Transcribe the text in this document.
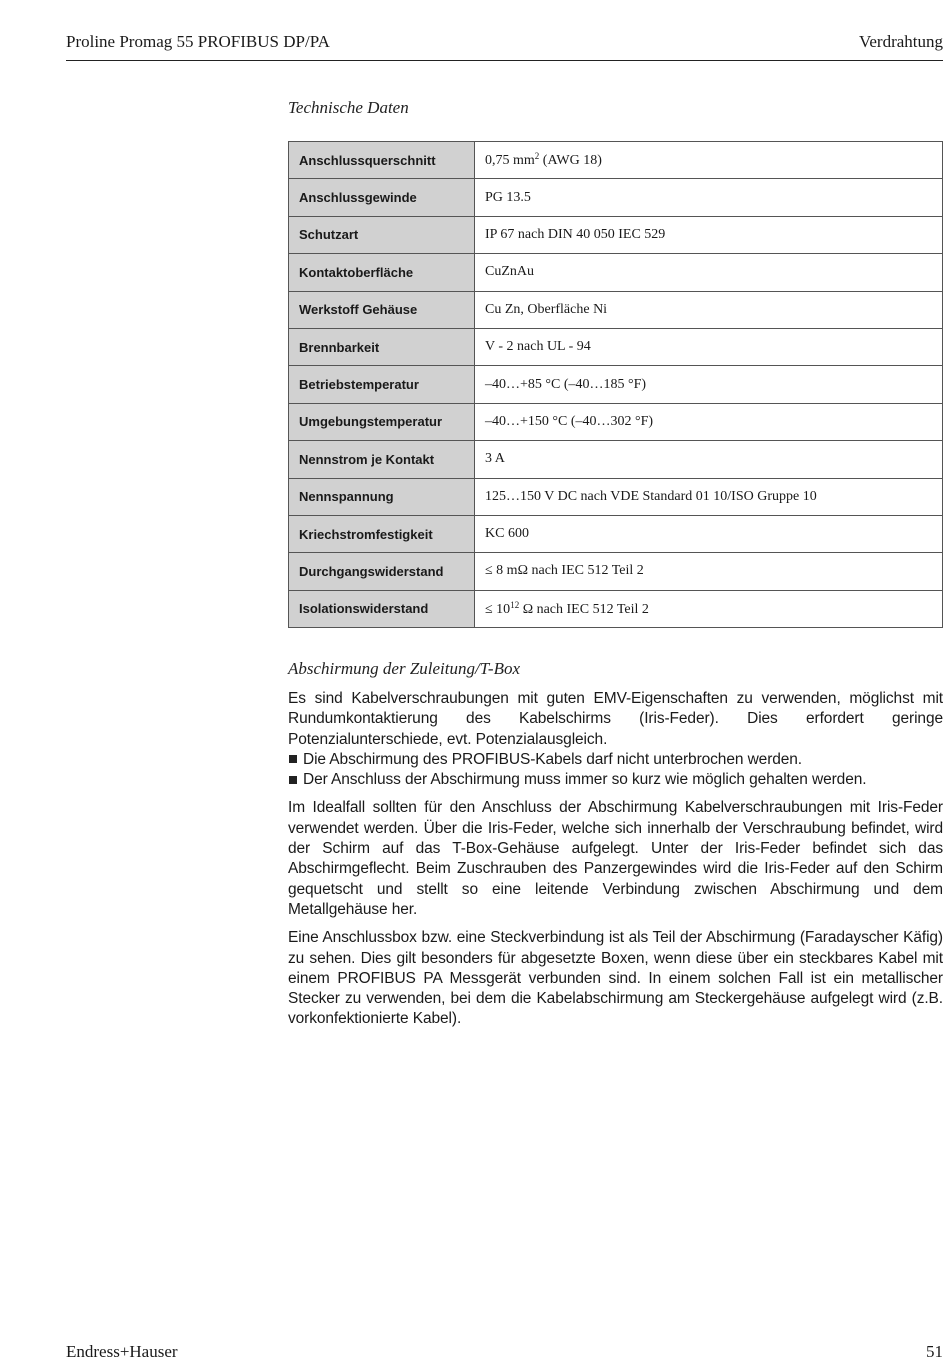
Proline Promag 55 PROFIBUS DP/PA	Verdrahtung
Technische Daten
Anschlussquerschnitt	0,75 $mm^2$ (AWG 18)
Anschlussgewinde	PG 13.5
Schutzart	IP 67 nach DIN 40 050 IEC 529
Kontaktoberfläche	CuZnAu
Werkstoff Gehäuse	Cu Zn, Oberfläche Ni
Brennbarkeit	V - 2 nach UL - 94
Betriebstemperatur	–40…+85 °C (–40…185 °F)
Umgebungstemperatur	–40…+150 °C (–40…302 °F)
Nennstrom je Kontakt	3 A
Nennspannung	125…150 V DC nach VDE Standard 01 10/ISO Gruppe 10
Kriechstromfestigkeit	KC 600
Durchgangswiderstand	≤ 8 mΩ nach IEC 512 Teil 2
Isolationswiderstand	≤ $10^{12}$ Ω nach IEC 512 Teil 2
Abschirmung der Zuleitung/T-Box

Es sind Kabelverschraubungen mit guten EMV-Eigenschaften zu verwenden, möglichst mit Rundumkontaktierung des Kabelschirms (Iris-Feder). Dies erfordert geringe Potenzialunterschiede, evt. Potenzialausgleich.

Die Abschirmung des PROFIBUS-Kabels darf nicht unterbrochen werden.
Der Anschluss der Abschirmung muss immer so kurz wie möglich gehalten werden.

Im Idealfall sollten für den Anschluss der Abschirmung Kabelverschraubungen mit Iris-Feder verwendet werden. Über die Iris-Feder, welche sich innerhalb der Verschraubung befindet, wird der Schirm auf das T-Box-Gehäuse aufgelegt. Unter der Iris-Feder befindet sich das Abschirmgeflecht. Beim Zuschrauben des Panzergewindes wird die Iris-Feder auf den Schirm gequetscht und stellt so eine leitende Verbindung zwischen Abschirmung und dem Metallgehäuse her.

Eine Anschlussbox bzw. eine Steckverbindung ist als Teil der Abschirmung (Faradayscher Käfig) zu sehen. Dies gilt besonders für abgesetzte Boxen, wenn diese über ein steckbares Kabel mit einem PROFIBUS PA Messgerät verbunden sind. In einem solchen Fall ist ein metallischer Stecker zu verwenden, bei dem die Kabelabschirmung am Steckergehäuse aufgelegt wird (z.B. vorkonfektionierte Kabel).

Endress+Hauser	51
